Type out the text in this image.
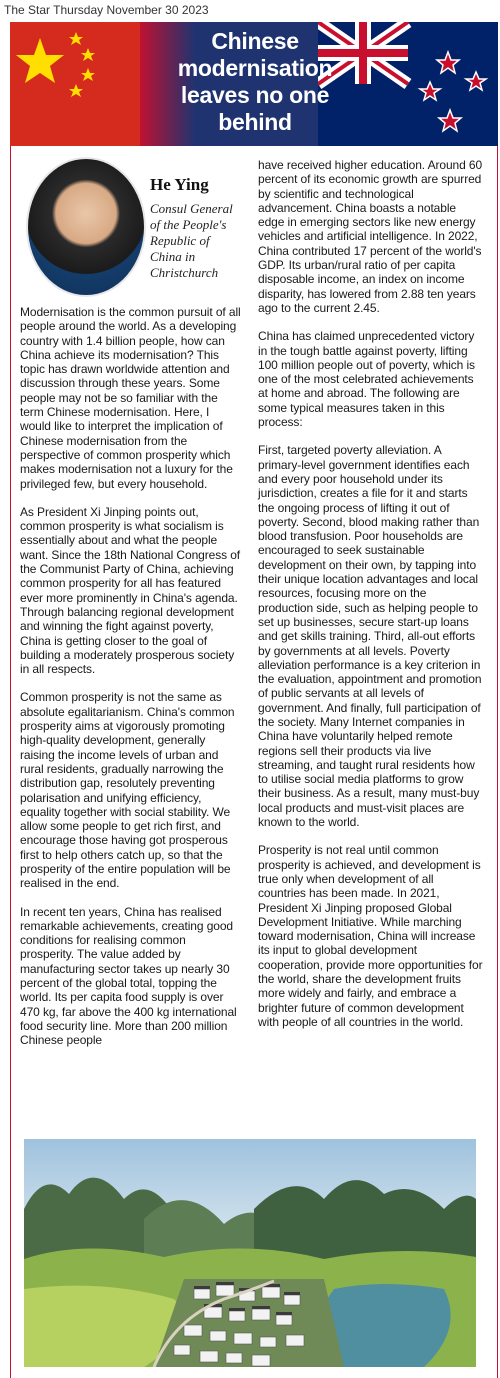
The Star Thursday November 30 2023
Chinese
modernisation
leaves no one
behind
He Ying
Consul General
of the People's
Republic of
China in
Christchurch

Modernisation is the common pursuit of all people around the world. As a developing country with 1.4 billion people, how can China achieve its modernisation? This topic has drawn worldwide attention and discussion through these years. Some people may not be so familiar with the term Chinese modernisation. Here, I would like to interpret the implication of Chinese modernisation from the perspective of common prosperity which makes modernisation not a luxury for the privileged few, but every household.

As President Xi Jinping points out, common prosperity is what socialism is essentially about and what the people want. Since the 18th National Congress of the Communist Party of China, achieving common prosperity for all has featured ever more prominently in China's agenda. Through balancing regional development and winning the fight against poverty, China is getting closer to the goal of building a moderately prosperous society in all respects.

Common prosperity is not the same as absolute egalitarianism. China's common prosperity aims at vigorously promoting high-quality development, generally raising the income levels of urban and rural residents, gradually narrowing the distribution gap, resolutely preventing polarisation and unifying efficiency, equality together with social stability. We allow some people to get rich first, and encourage those having got prosperous first to help others catch up, so that the prosperity of the entire population will be realised in the end.

In recent ten years, China has realised remarkable achievements, creating good conditions for realising common prosperity. The value added by manufacturing sector takes up nearly 30 percent of the global total, topping the world. Its per capita food supply is over 470 kg, far above the 400 kg international food security line. More than 200 million Chinese people

have received higher education. Around 60 percent of its economic growth are spurred by scientific and technological advancement. China boasts a notable edge in emerging sectors like new energy vehicles and artificial intelligence. In 2022, China contributed 17 percent of the world's GDP. Its urban/rural ratio of per capita disposable income, an index on income disparity, has lowered from 2.88 ten years ago to the current 2.45.

China has claimed unprecedented victory in the tough battle against poverty, lifting 100 million people out of poverty, which is one of the most celebrated achievements at home and abroad. The following are some typical measures taken in this process:

First, targeted poverty alleviation. A primary-level government identifies each and every poor household under its jurisdiction, creates a file for it and starts the ongoing process of lifting it out of poverty. Second, blood making rather than blood transfusion. Poor households are encouraged to seek sustainable development on their own, by tapping into their unique location advantages and local resources, focusing more on the production side, such as helping people to set up businesses, secure start-up loans and get skills training. Third, all-out efforts by governments at all levels. Poverty alleviation performance is a key criterion in the evaluation, appointment and promotion of public servants at all levels of government. And finally, full participation of the society. Many Internet companies in China have voluntarily helped remote regions sell their products via live streaming, and taught rural residents how to utilise social media platforms to grow their business. As a result, many must-buy local products and must-visit places are known to the world.

Prosperity is not real until common prosperity is achieved, and development is true only when development of all countries has been made. In 2021, President Xi Jinping proposed Global Development Initiative. While marching toward modernisation, China will increase its input to global development cooperation, provide more opportunities for the world, share the development fruits more widely and fairly, and embrace a brighter future of common development with people of all countries in the world.
